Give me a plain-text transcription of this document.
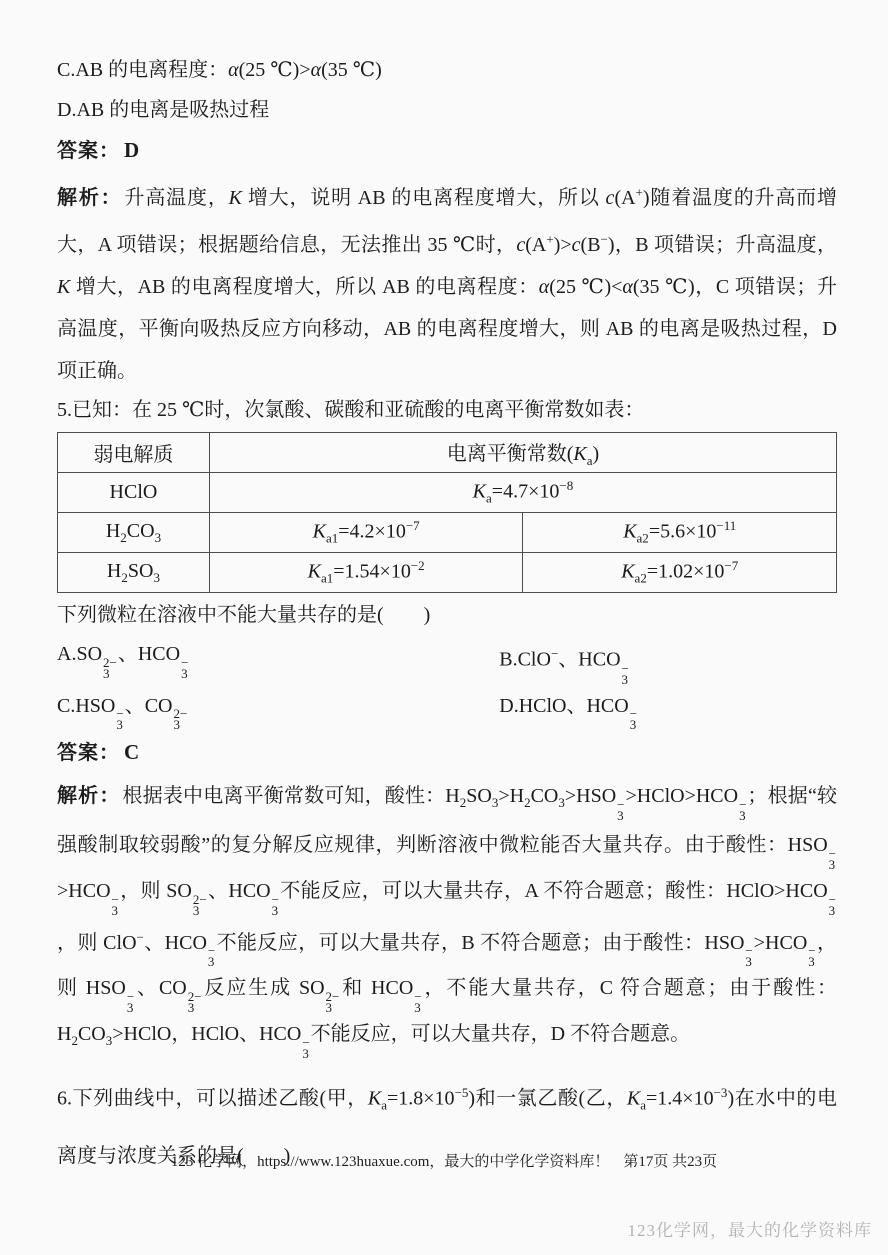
C.AB 的电离程度：α(25 ℃)>α(35 ℃)

D.AB 的电离是吸热过程

答案： D

解析： 升高温度，K 增大，说明 AB 的电离程度增大，所以 c(A+)随着温度的升高而增大，A 项错误；根据题给信息，无法推出 35 ℃时，c(A+)>c(B−)，B 项错误；升高温度，K 增大，AB 的电离程度增大，所以 AB 的电离程度：α(25 ℃)<α(35 ℃)，C 项错误；升高温度，平衡向吸热反应方向移动，AB 的电离程度增大，则 AB 的电离是吸热过程，D 项正确。

5.已知：在 25 ℃时，次氯酸、碳酸和亚硫酸的电离平衡常数如表：

弱电解质	电离平衡常数$(K_a)$	
HClO	$K_a=4.7\times 10^{-8}$
$H_2CO_3$	$K_{a1}=4.2\times 10^{-7}$	$K_{a2}=5.6\times 10^{-11}$
$H_2SO_3$	$K_{a1}=1.54\times 10^{-2}$	$K_{a2}=1.02\times 10^{-7}$

下列微粒在溶液中不能大量共存的是(　　)

A.SO 2−
3
、HCO −
3
B.ClO−、HCO −
3
C.HSO −
3
、CO 2−
3
D.HClO、HCO −
3

答案： C

解析： 根据表中电离平衡常数可知，酸性：$H_2SO_3>H_2CO_3>HSO$ −
3
>HClO>HCO −
3
；根据“较强酸制取较弱酸”的复分解反应规律，判断溶液中微粒能否大量共存。由于酸性：HSO −
3
>HCO −
3
，则 SO 2−
3
、HCO −
3
不能反应，可以大量共存，A 不符合题意；酸性：HClO>HCO −
3
，则 ClO−、HCO −
3
不能反应，可以大量共存，B 不符合题意；由于酸性：HSO −
3
>HCO −
3
，则 HSO −
3
、CO 2−
3
反应生成 SO 2−
3
和 HCO −
3
，不能大量共存，C 符合题意；由于酸性：$H_2CO_3>HClO$，HClO、HCO −
3
不能反应，可以大量共存，D 不符合题意。

6.下列曲线中，可以描述乙酸(甲，$K_a=1.8\times 10^{-5}$)和一氯乙酸(乙，$K_a=1.4\times 10^{-3}$)在水中的电离度与浓度关系的是(　　)

123 化学网，https://www.123huaxue.com，最大的中学化学资料库！ 第17页 共23页
123化学网，最大的化学资料库
